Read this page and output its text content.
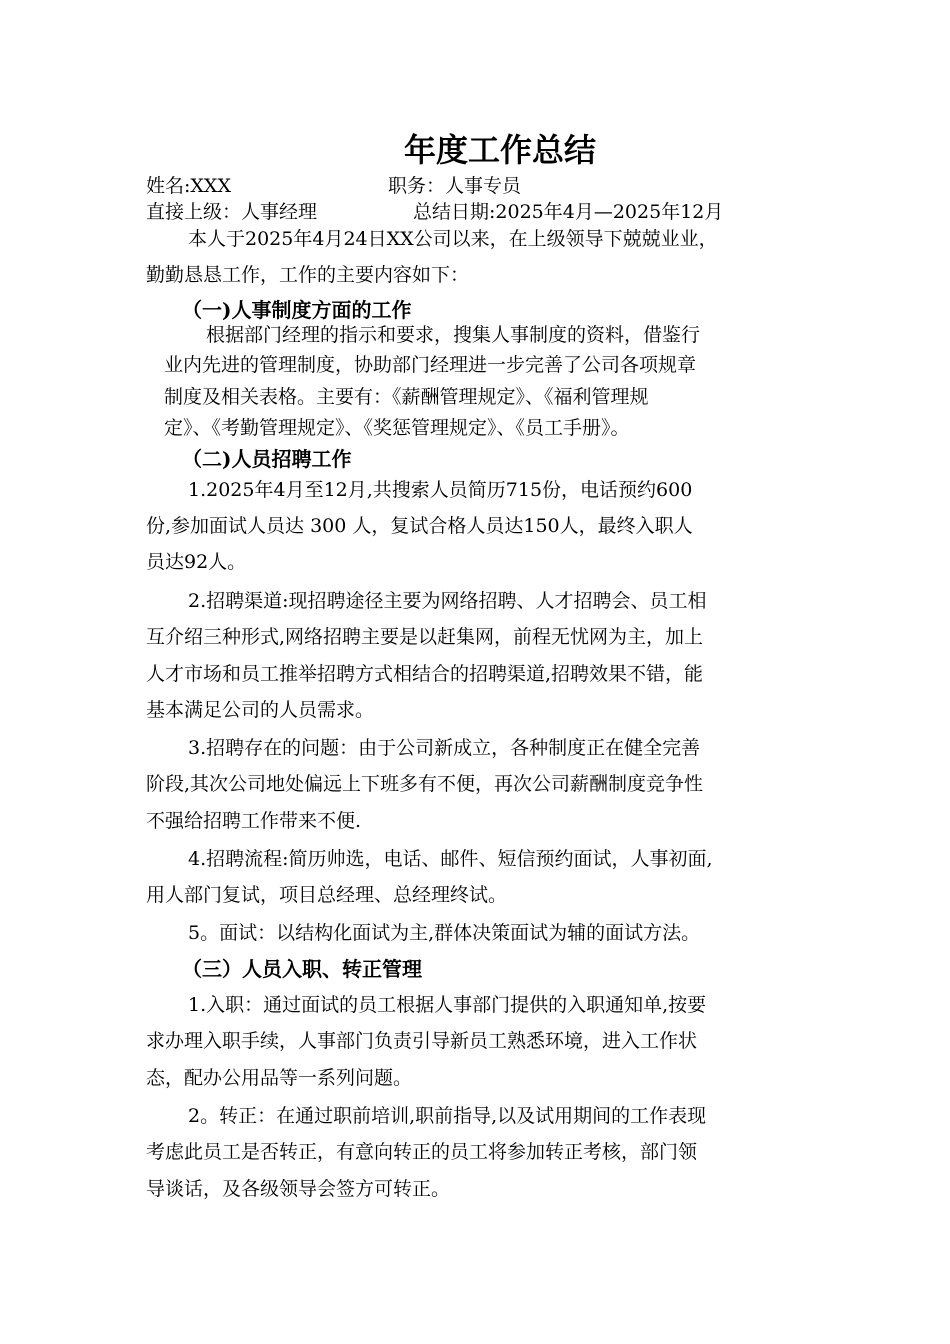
年度工作总结
姓名:XXX	职务：人事专员
直接上级：人事经理	总结日期:2025年4月—2025年12月
本人于2025年4月24日XX公司以来，在上级领导下兢兢业业，
勤勤恳恳工作，工作的主要内容如下：
（一)人事制度方面的工作
根据部门经理的指示和要求，搜集人事制度的资料，借鉴行
业内先进的管理制度，协助部门经理进一步完善了公司各项规章
制度及相关表格。主要有：《薪酬管理规定》、《福利管理规
定》、《考勤管理规定》、《奖惩管理规定》、《员工手册》。
（二)人员招聘工作
1.2025年4月至12月,共搜索人员简历715份，电话预约600
份,参加面试人员达 300 人，复试合格人员达150人，最终入职人
员达92人。
2.招聘渠道:现招聘途径主要为网络招聘、人才招聘会、员工相
互介绍三种形式,网络招聘主要是以赶集网，前程无忧网为主，加上
人才市场和员工推举招聘方式相结合的招聘渠道,招聘效果不错，能
基本满足公司的人员需求。
3.招聘存在的问题：由于公司新成立，各种制度正在健全完善
阶段,其次公司地处偏远上下班多有不便，再次公司薪酬制度竞争性
不强给招聘工作带来不便.
4.招聘流程:简历帅选，电话、邮件、短信预约面试，人事初面,
用人部门复试，项目总经理、总经理终试。
5。面试：以结构化面试为主,群体决策面试为辅的面试方法。
（三）人员入职、转正管理
1.入职：通过面试的员工根据人事部门提供的入职通知单,按要
求办理入职手续，人事部门负责引导新员工熟悉环境，进入工作状
态，配办公用品等一系列问题。
2。转正：在通过职前培训,职前指导,以及试用期间的工作表现
考虑此员工是否转正，有意向转正的员工将参加转正考核，部门领
导谈话，及各级领导会签方可转正。
